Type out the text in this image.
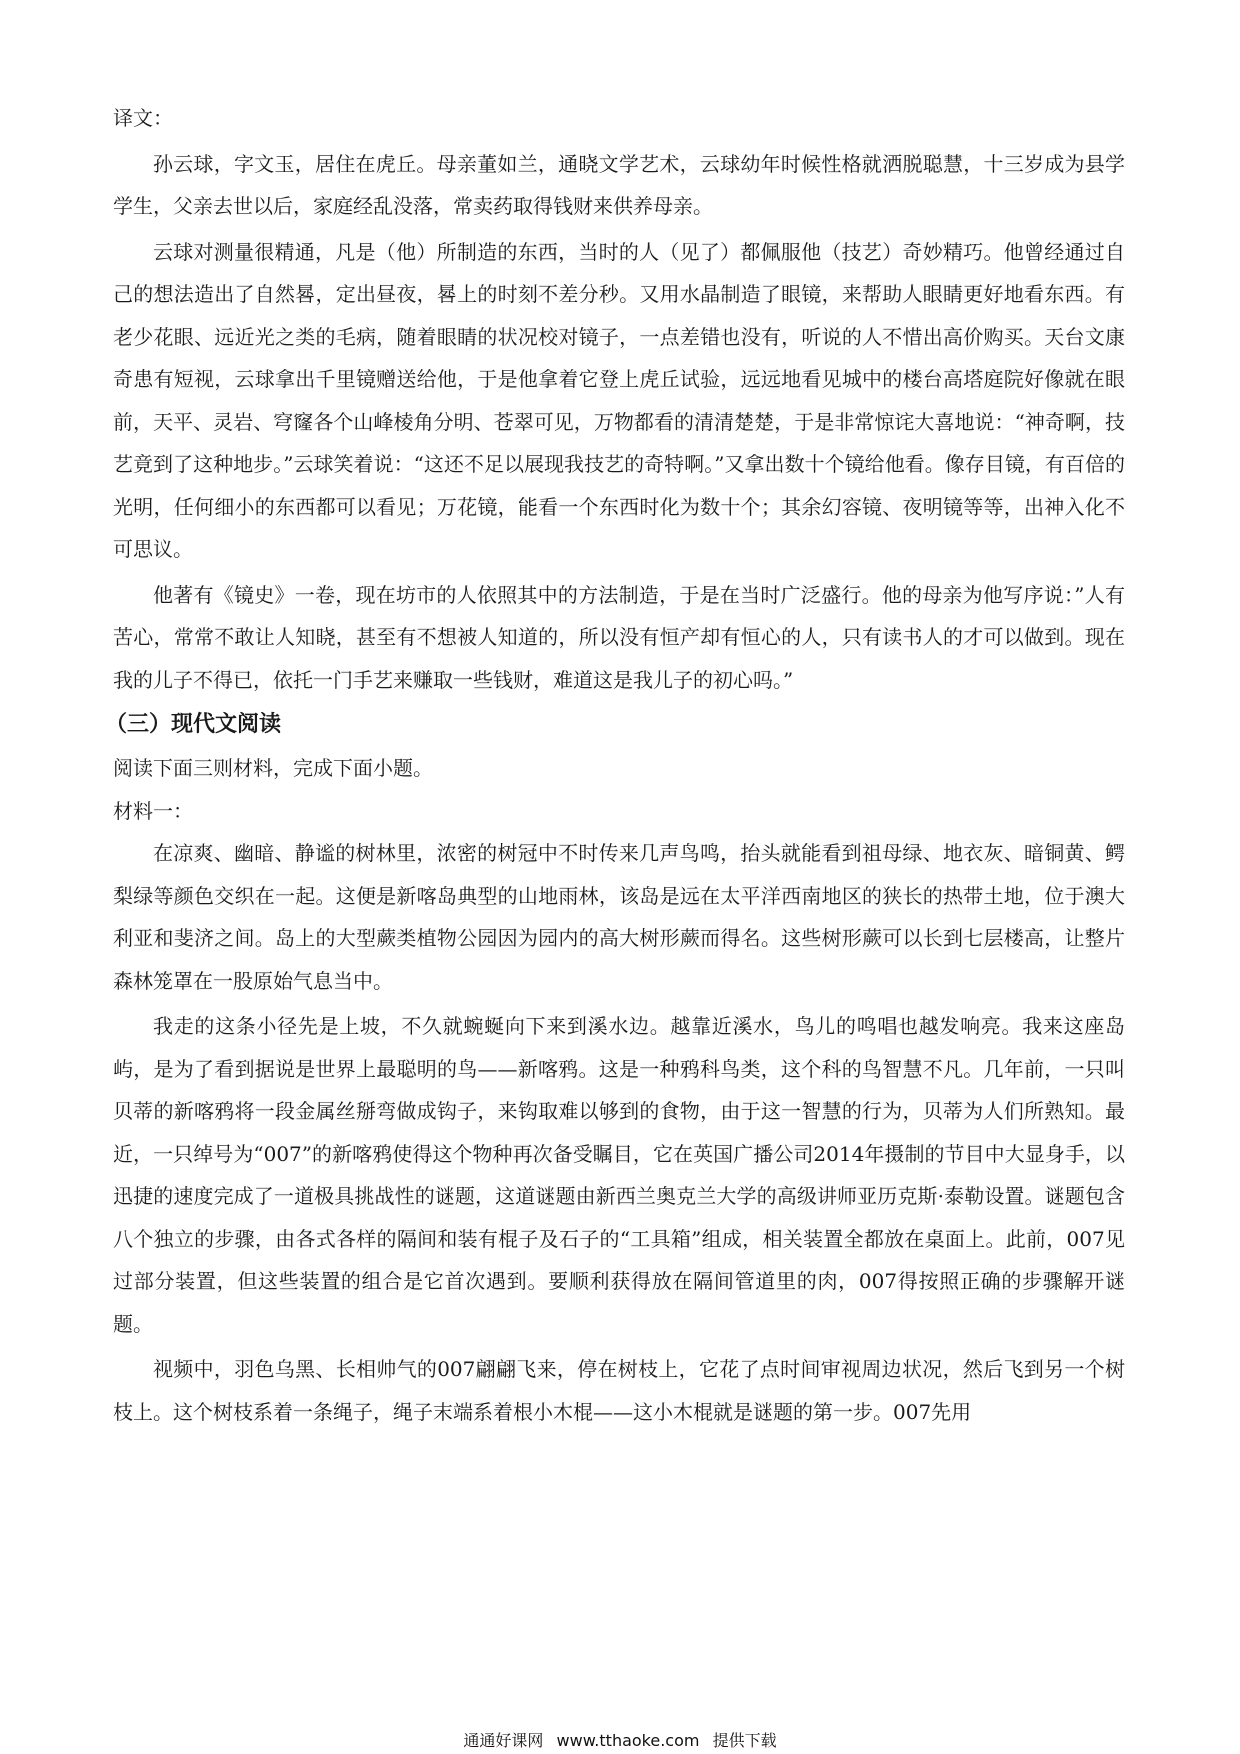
译文：

孙云球，字文玉，居住在虎丘。母亲董如兰，通晓文学艺术，云球幼年时候性格就洒脱聪慧，十三岁成为县学学生，父亲去世以后，家庭经乱没落，常卖药取得钱财来供养母亲。

云球对测量很精通，凡是（他）所制造的东西，当时的人（见了）都佩服他（技艺）奇妙精巧。他曾经通过自己的想法造出了自然晷，定出昼夜，晷上的时刻不差分秒。又用水晶制造了眼镜，来帮助人眼睛更好地看东西。有老少花眼、远近光之类的毛病，随着眼睛的状况校对镜子，一点差错也没有，听说的人不惜出高价购买。天台文康奇患有短视，云球拿出千里镜赠送给他，于是他拿着它登上虎丘试验，远远地看见城中的楼台高塔庭院好像就在眼前，天平、灵岩、穹窿各个山峰棱角分明、苍翠可见，万物都看的清清楚楚，于是非常惊诧大喜地说：“神奇啊，技艺竟到了这种地步。”云球笑着说：“这还不足以展现我技艺的奇特啊。”又拿出数十个镜给他看。像存目镜，有百倍的光明，任何细小的东西都可以看见；万花镜，能看一个东西时化为数十个；其余幻容镜、夜明镜等等，出神入化不可思议。

他著有《镜史》一卷，现在坊市的人依照其中的方法制造，于是在当时广泛盛行。他的母亲为他写序说：”人有苦心，常常不敢让人知晓，甚至有不想被人知道的，所以没有恒产却有恒心的人，只有读书人的才可以做到。现在我的儿子不得已，依托一门手艺来赚取一些钱财，难道这是我儿子的初心吗。”

（三）现代文阅读

阅读下面三则材料，完成下面小题。

材料一：

在凉爽、幽暗、静谧的树林里，浓密的树冠中不时传来几声鸟鸣，抬头就能看到祖母绿、地衣灰、暗铜黄、鳄梨绿等颜色交织在一起。这便是新喀岛典型的山地雨林，该岛是远在太平洋西南地区的狭长的热带土地，位于澳大利亚和斐济之间。岛上的大型蕨类植物公园因为园内的高大树形蕨而得名。这些树形蕨可以长到七层楼高，让整片森林笼罩在一股原始气息当中。

我走的这条小径先是上坡，不久就蜿蜒向下来到溪水边。越靠近溪水，鸟儿的鸣唱也越发响亮。我来这座岛屿，是为了看到据说是世界上最聪明的鸟——新喀鸦。这是一种鸦科鸟类，这个科的鸟智慧不凡。几年前，一只叫贝蒂的新喀鸦将一段金属丝掰弯做成钩子，来钩取难以够到的食物，由于这一智慧的行为，贝蒂为人们所熟知。最近，一只绰号为“007”的新喀鸦使得这个物种再次备受瞩目，它在英国广播公司2014年摄制的节目中大显身手，以迅捷的速度完成了一道极具挑战性的谜题，这道谜题由新西兰奥克兰大学的高级讲师亚历克斯·泰勒设置。谜题包含八个独立的步骤，由各式各样的隔间和装有棍子及石子的“工具箱”组成，相关装置全都放在桌面上。此前，007见过部分装置，但这些装置的组合是它首次遇到。要顺利获得放在隔间管道里的肉，007得按照正确的步骤解开谜题。

视频中，羽色乌黑、长相帅气的007翩翩飞来，停在树枝上，它花了点时间审视周边状况，然后飞到另一个树枝上。这个树枝系着一条绳子，绳子末端系着根小木棍——这小木棍就是谜题的第一步。007先用

通通好课网 www.tthaoke.com 提供下载
